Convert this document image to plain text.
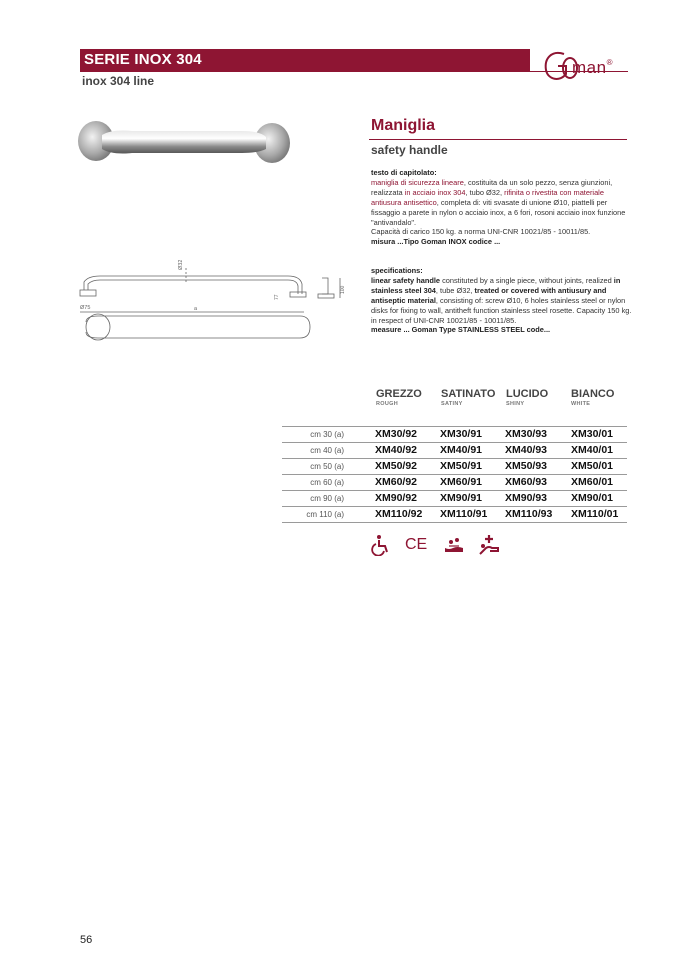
SERIE INOX 304
inox 304 line
man®
Ø32
Ø75	a
77
100
Maniglia
safety handle
testo di capitolato:
maniglia di sicurezza lineare, costituita da un solo pezzo, senza giunzioni, realizzata in acciaio inox 304, tubo Ø32, rifinita o rivestita con materiale antiusura antisettico, completa di: viti svasate di unione Ø10, piattelli per fissaggio a parete in nylon o acciaio inox, a 6 fori, rosoni acciaio inox funzione "antivandalo".
Capacità di carico 150 kg. a norma UNI-CNR 10021/85 - 10011/85.
misura ...Tipo Goman INOX codice ...
specifications:
linear safety handle constituted by a single piece, without joints, realized in stainless steel 304, tube Ø32, treated or covered with antiusury and antiseptic material, consisting of: screw Ø10, 6 holes stainless steel or nylon disks for fixing to wall, antitheft function stainless steel rosette. Capacity 150 kg. in respect of UNI-CNR 10021/85 - 10011/85.
measure ... Goman Type STAINLESS STEEL code...
GREZZO
ROUGH
SATINATO
SATINY
LUCIDO
SHINY
BIANCO
WHITE
cm 30 (a)	XM30/92 XM30/91 XM30/93 XM30/01
cm 40 (a)	XM40/92 XM40/91 XM40/93 XM40/01
cm 50 (a)	XM50/92 XM50/91 XM50/93 XM50/01
cm 60 (a)	XM60/92 XM60/91 XM60/93 XM60/01
cm 90 (a)	XM90/92 XM90/91 XM90/93 XM90/01
cm 110 (a)	XM110/92 XM110/91 XM110/93 XM110/01
CE
56
